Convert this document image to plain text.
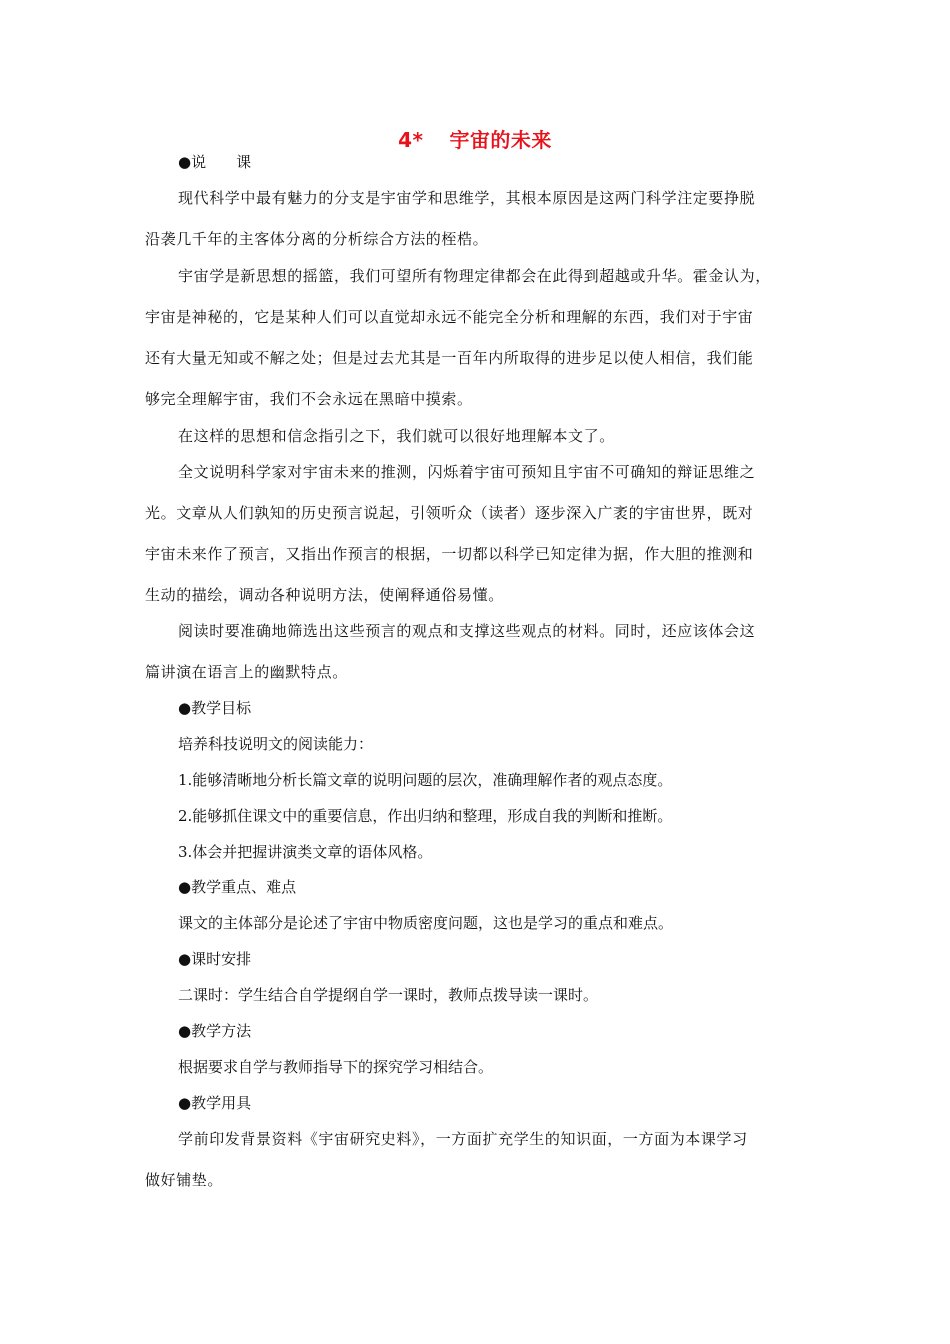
4* 宇宙的未来
●说　　课
现代科学中最有魅力的分支是宇宙学和思维学，其根本原因是这两门科学注定要挣脱
沿袭几千年的主客体分离的分析综合方法的桎梏。
宇宙学是新思想的摇篮，我们可望所有物理定律都会在此得到超越或升华。霍金认为，
宇宙是神秘的，它是某种人们可以直觉却永远不能完全分析和理解的东西，我们对于宇宙
还有大量无知或不解之处；但是过去尤其是一百年内所取得的进步足以使人相信，我们能
够完全理解宇宙，我们不会永远在黑暗中摸索。
在这样的思想和信念指引之下，我们就可以很好地理解本文了。
全文说明科学家对宇宙未来的推测，闪烁着宇宙可预知且宇宙不可确知的辩证思维之
光。文章从人们孰知的历史预言说起，引领听众（读者）逐步深入广袤的宇宙世界，既对
宇宙未来作了预言，又指出作预言的根据，一切都以科学已知定律为据，作大胆的推测和
生动的描绘，调动各种说明方法，使阐释通俗易懂。
阅读时要准确地筛选出这些预言的观点和支撑这些观点的材料。同时，还应该体会这
篇讲演在语言上的幽默特点。
●教学目标
培养科技说明文的阅读能力：
1.能够清晰地分析长篇文章的说明问题的层次，准确理解作者的观点态度。
2.能够抓住课文中的重要信息，作出归纳和整理，形成自我的判断和推断。
3.体会并把握讲演类文章的语体风格。
●教学重点、难点
课文的主体部分是论述了宇宙中物质密度问题，这也是学习的重点和难点。
●课时安排
二课时：学生结合自学提纲自学一课时，教师点拨导读一课时。
●教学方法
根据要求自学与教师指导下的探究学习相结合。
●教学用具
学前印发背景资料《宇宙研究史料》，一方面扩充学生的知识面，一方面为本课学习
做好铺垫。
